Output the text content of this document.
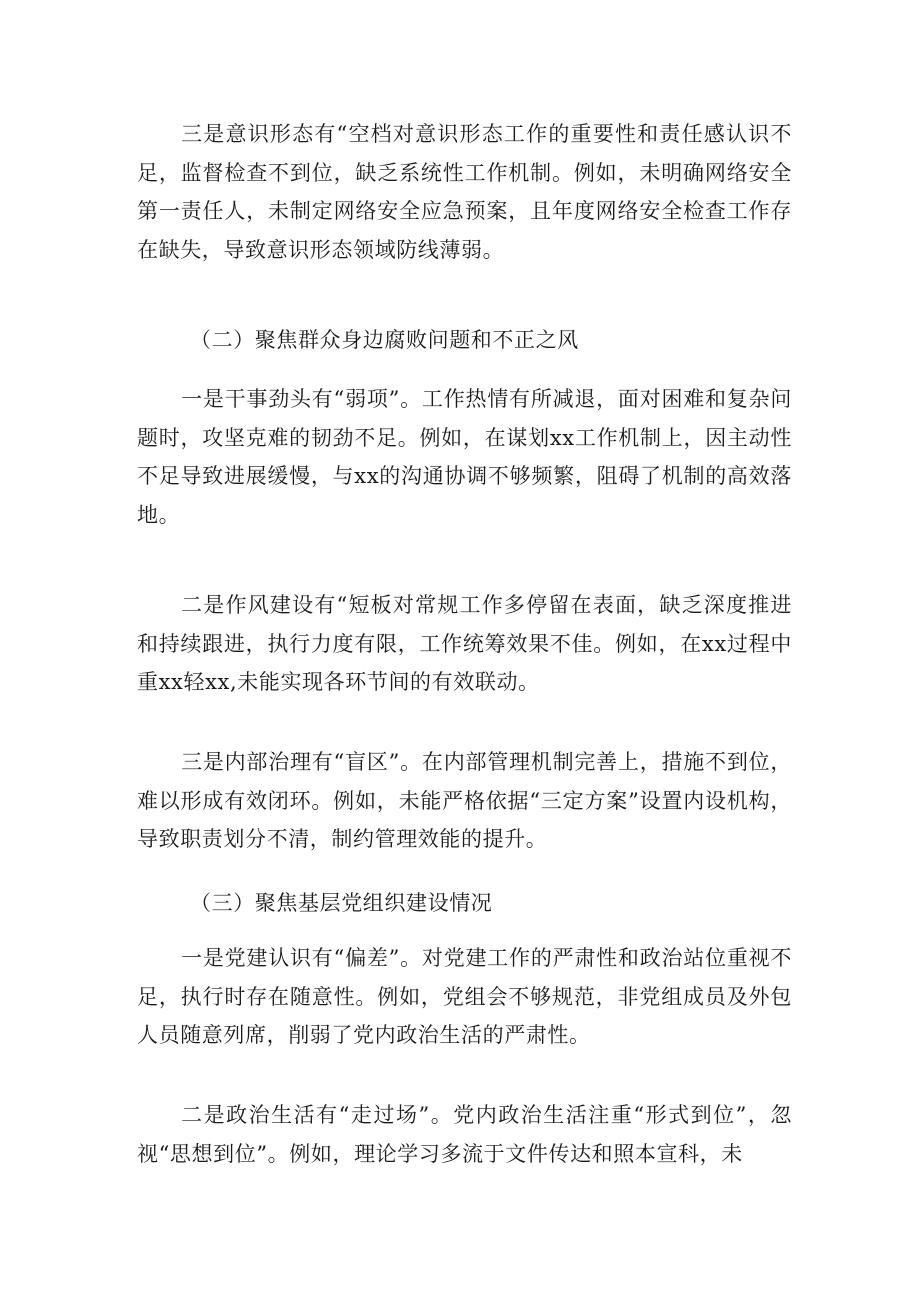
三是意识形态有“空档对意识形态工作的重要性和责任感认识不足，监督检查不到位，缺乏系统性工作机制。例如，未明确网络安全第一责任人，未制定网络安全应急预案，且年度网络安全检查工作存在缺失，导致意识形态领域防线薄弱。

（二）聚焦群众身边腐败问题和不正之风

一是干事劲头有“弱项”。工作热情有所减退，面对困难和复杂问题时，攻坚克难的韧劲不足。例如，在谋划xx工作机制上，因主动性不足导致进展缓慢，与xx的沟通协调不够频繁，阻碍了机制的高效落地。

二是作风建设有“短板对常规工作多停留在表面，缺乏深度推进和持续跟进，执行力度有限，工作统筹效果不佳。例如，在xx过程中重xx轻xx,未能实现各环节间的有效联动。

三是内部治理有“盲区”。在内部管理机制完善上，措施不到位，难以形成有效闭环。例如，未能严格依据“三定方案”设置内设机构，导致职责划分不清，制约管理效能的提升。

（三）聚焦基层党组织建设情况

一是党建认识有“偏差”。对党建工作的严肃性和政治站位重视不足，执行时存在随意性。例如，党组会不够规范，非党组成员及外包人员随意列席，削弱了党内政治生活的严肃性。

二是政治生活有“走过场”。党内政治生活注重“形式到位”，忽视“思想到位”。例如，理论学习多流于文件传达和照本宣科，未
